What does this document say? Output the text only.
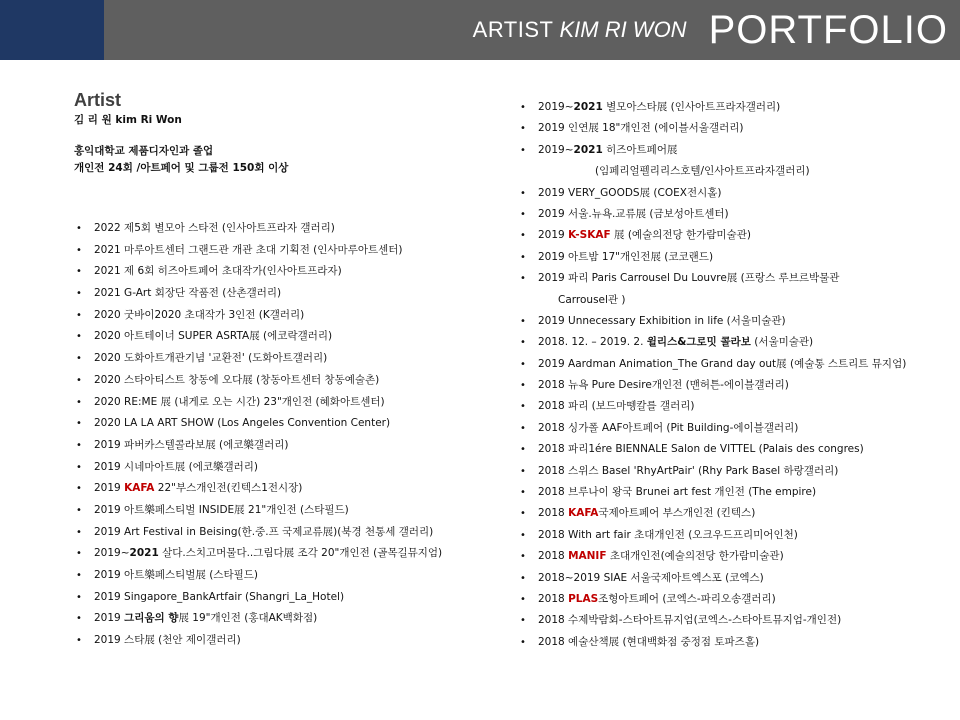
ARTIST KIM RI WON PORTFOLIO
Artist
김 리 원 kim Ri Won
홍익대학교 제품디자인과 졸업
개인전 24회 /아트페어 및 그룹전 150회 이상
• 2022 제5회 별모아 스타전 (인사아트프라자 갤러리)
• 2021 마루아트센터 그랜드관 개관 초대 기획전 (인사마루아트센터)
• 2021 제 6회 히즈아트페어 초대작가(인사아트프라자)
• 2021 G-Art 회장단 작품전 (산촌갤러리)
• 2020 굿바이2020 초대작가 3인전 (K갤러리)
• 2020 아트테이너 SUPER ASRTA展 (에코락갤러리)
• 2020 도화아트개관기념 '교환전' (도화아트갤러리)
• 2020 스타아티스트 창동에 오다展 (창동아트센터 창동예술촌)
• 2020 RE:ME 展 (내게로 오는 시간) 23"개인전 (혜화아트센터)
• 2020 LA LA ART SHOW (Los Angeles Convention Center)
• 2019 파버카스텔콜라보展 (에코樂갤러리)
• 2019 시네마아트展 (에코樂갤러리)
• 2019 KAFA 22"부스개인전(킨텍스1전시장)
• 2019 아트樂페스티벌 INSIDE展 21"개인전 (스타필드)
• 2019 Art Festival in Beising(한.중.프 국제교류展)(북경 천통세 갤러리)
• 2019~2021 살다.스치고머물다..그림다展 조각 20"개인전 (골목길뮤지엄)
• 2019 아트樂페스티벌展 (스타필드)
• 2019 Singapore_BankArtfair (Shangri_La_Hotel)
• 2019 그리움의 향展 19"개인전 (홍대AK백화점)
• 2019 스타展 (천안 제이갤러리)
• 2019~2021 별모아스타展 (인사아트프라자갤러리)
• 2019 인연展 18"개인전 (에이블서울갤러리)
• 2019~2021 히즈아트페어展
(임페리얼펠리리스호텔/인사아트프라자갤러리)
• 2019 VERY_GOODS展 (COEX전시홀)
• 2019 서울.뉴욕.교류展 (금보성아트센터)
• 2019 K-SKAF 展 (예술의전당 한가람미술관)
• 2019 아트밤 17"개인전展 (코코랜드)
• 2019 파리 Paris Carrousel Du Louvre展 (프랑스 루브르박물관
Carrousel관 )
• 2019 Unnecessary Exhibition in life (서울미술관)
• 2018. 12. – 2019. 2. 윌리스&그로밋 콜라보 (서울미술관)
• 2019 Aardman Animation_The Grand day out展 (예술통 스트리트 뮤지엄)
• 2018 뉴욕 Pure Desire개인전 (맨허튼-에이블갤러리)
• 2018 파리 (보드마뗑칼를 갤러리)
• 2018 싱가폴 AAF아트페어 (Pit Building-에이블갤러리)
• 2018 파리1ére BIENNALE Salon de VITTEL (Palais des congres)
• 2018 스위스 Basel 'RhyArtPair' (Rhy Park Basel 하랑갤러리)
• 2018 브루나이 왕국 Brunei art fest 개인전 (The empire)
• 2018 KAFA국제아트페어 부스개인전 (킨텍스)
• 2018 With art fair 초대개인전 (오크우드프리미어인천)
• 2018 MANIF 초대개인전(예술의전당 한가람미술관)
• 2018~2019 SIAE 서울국제아트엑스포 (코엑스)
• 2018 PLAS조형아트페어 (코엑스-파리오송갤러리)
• 2018 수제박람회-스타아트뮤지엄(코엑스-스타아트뮤지엄-개인전)
• 2018 예술산책展 (현대백화점 중정점 토파즈홀)
